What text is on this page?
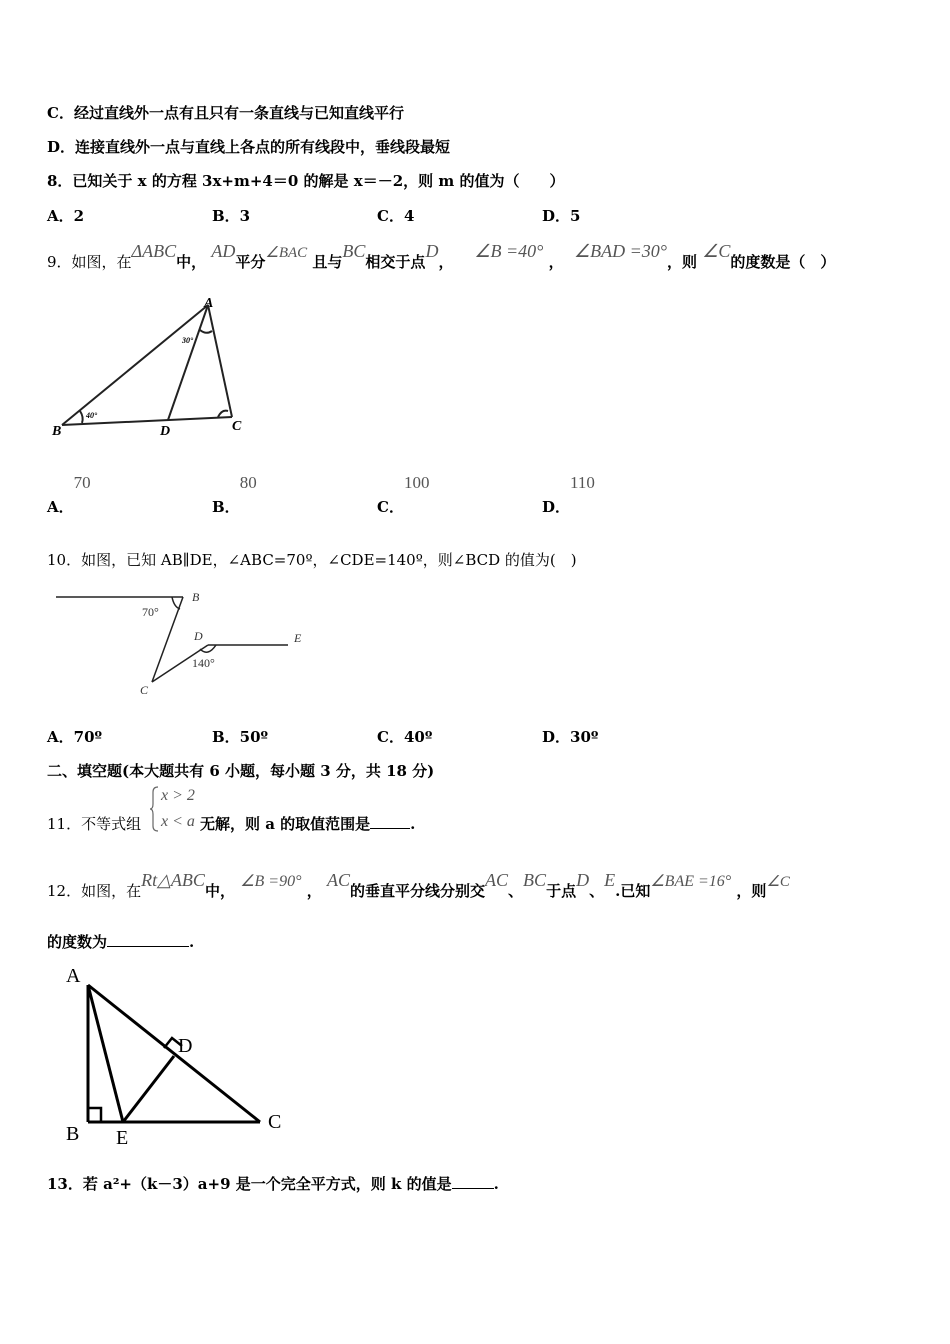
C．经过直线外一点有且只有一条直线与已知直线平行
D．连接直线外一点与直线上各点的所有线段中，垂线段最短
8．已知关于 x 的方程 3x+m+4＝0 的解是 x＝－2，则 m 的值为（　　）
A．2	B．3	C．4	D．5
9．如图，在ΔABC中， AD平分∠BAC 且与BC相交于点D，    ∠B =40° ，  ∠BAD =30°，则 ∠C的度数是（　）
A
B	C
D
40°
30°
A．70
B．80
C．100
D．110
10．如图，已知 AB∥DE，∠ABC=70º，∠CDE=140º，则∠BCD 的值为(　)
B
C
D	E
70°
140°
A．70º	B．50º	C．40º	D．30º
二、填空题(本大题共有 6 小题，每小题 3 分，共 18 分)
x > 2
x < a
11．不等式组	无解，则 a 的取值范围是	.
12．如图，在Rt△ABC中， ∠B =90° ， AC的垂直平分线分别交AC、BC于点D、E.已知∠BAE =16° ，则∠C
的度数为	.
A
B
C
D
E
13．若 a²+（k－3）a+9 是一个完全平方式，则 k 的值是	.
